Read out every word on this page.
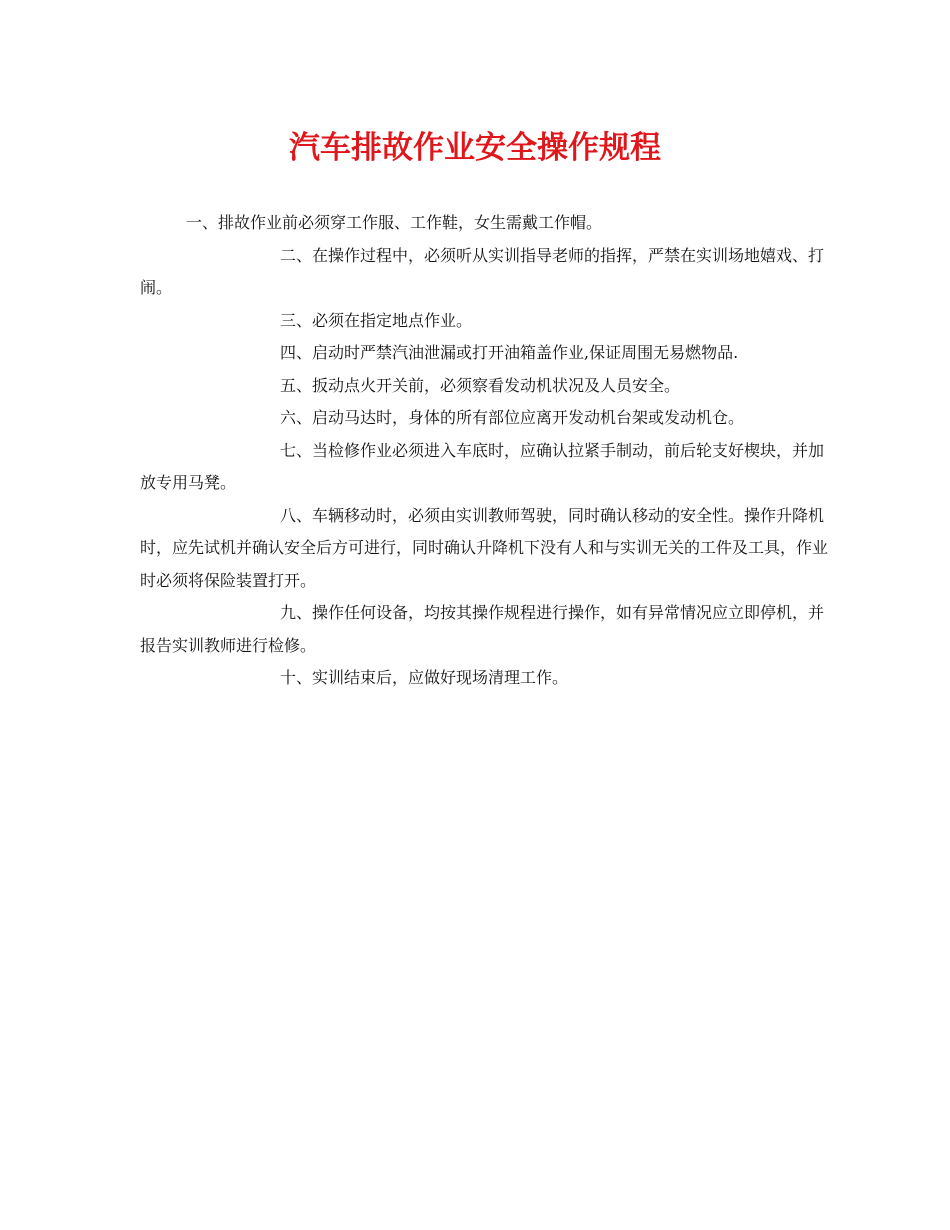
汽车排故作业安全操作规程

一、排故作业前必须穿工作服、工作鞋，女生需戴工作帽。

二、在操作过程中，必须听从实训指导老师的指挥，严禁在实训场地嬉戏、打闹。

三、必须在指定地点作业。

四、启动时严禁汽油泄漏或打开油箱盖作业,保证周围无易燃物品.

五、扳动点火开关前，必须察看发动机状况及人员安全。

六、启动马达时，身体的所有部位应离开发动机台架或发动机仓。

七、当检修作业必须进入车底时，应确认拉紧手制动，前后轮支好楔块，并加放专用马凳。

八、车辆移动时，必须由实训教师驾驶，同时确认移动的安全性。操作升降机时，应先试机并确认安全后方可进行，同时确认升降机下没有人和与实训无关的工件及工具，作业时必须将保险装置打开。

九、操作任何设备，均按其操作规程进行操作，如有异常情况应立即停机，并报告实训教师进行检修。

十、实训结束后，应做好现场清理工作。
